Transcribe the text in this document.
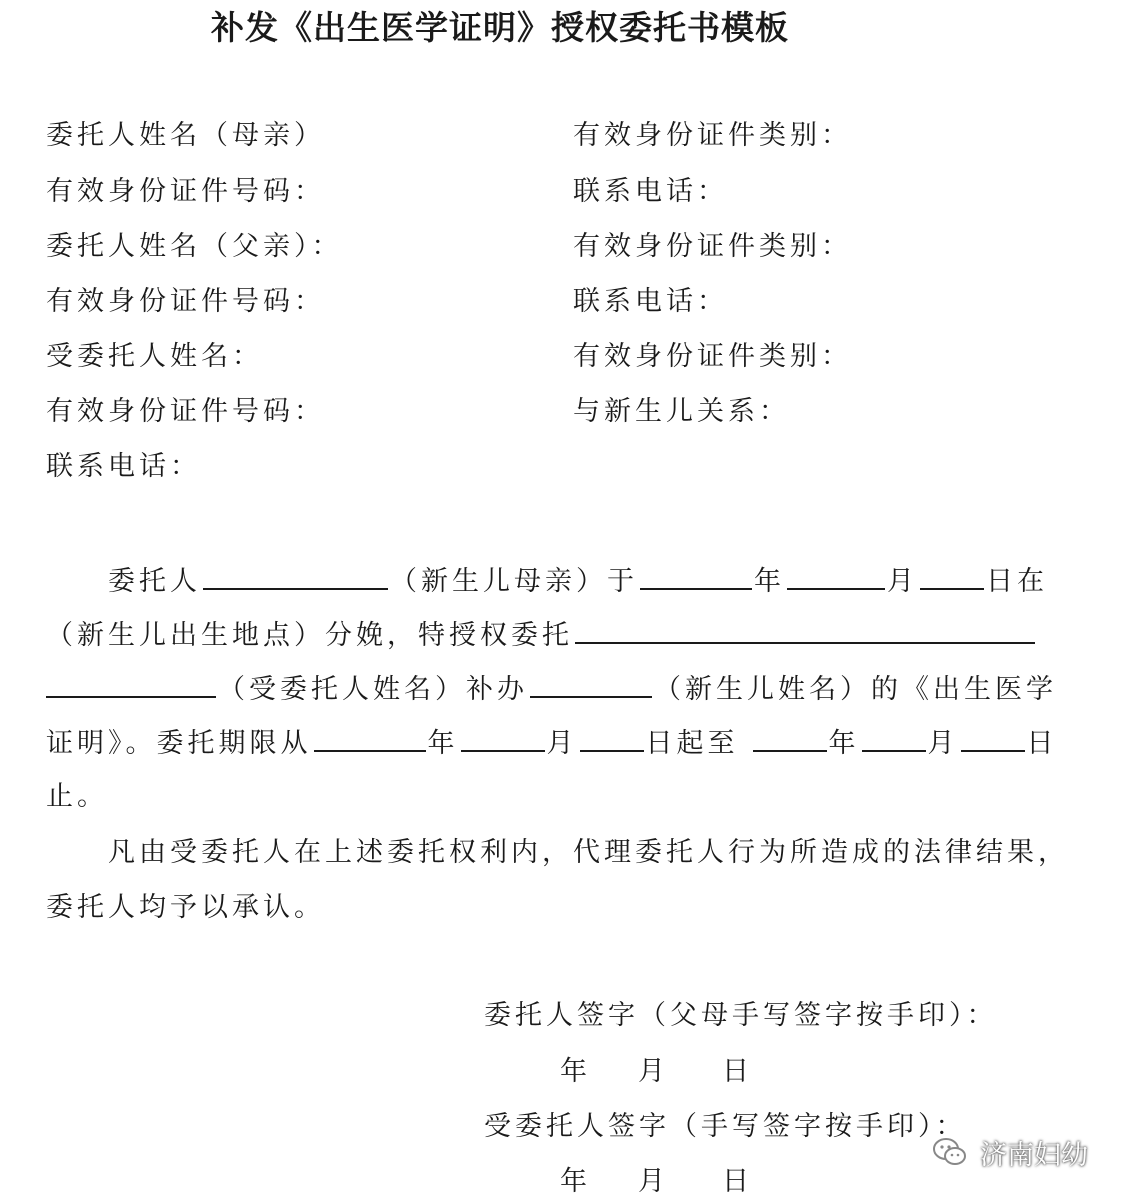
补发《出生医学证明》授权委托书模板
委托人姓名（母亲）	有效身份证件类别：
有效身份证件号码：	联系电话：
委托人姓名（父亲）：	有效身份证件类别：
有效身份证件号码：	联系电话：
受委托人姓名：	有效身份证件类别：
有效身份证件号码：	与新生儿关系：
联系电话：
委托人	（新生儿母亲）于	年	月	日在
（新生儿出生地点）分娩，特授权委托
（受委托人姓名）补办	（新生儿姓名）的《出生医学
证明》。委托期限从	年	月	日起至	年	月	日
止。
凡由受委托人在上述委托权利内，代理委托人行为所造成的法律结果，
委托人均予以承认。
委托人签字（父母手写签字按手印）：
年 月 日
受委托人签字（手写签字按手印）：
年 月 日
济南妇幼
